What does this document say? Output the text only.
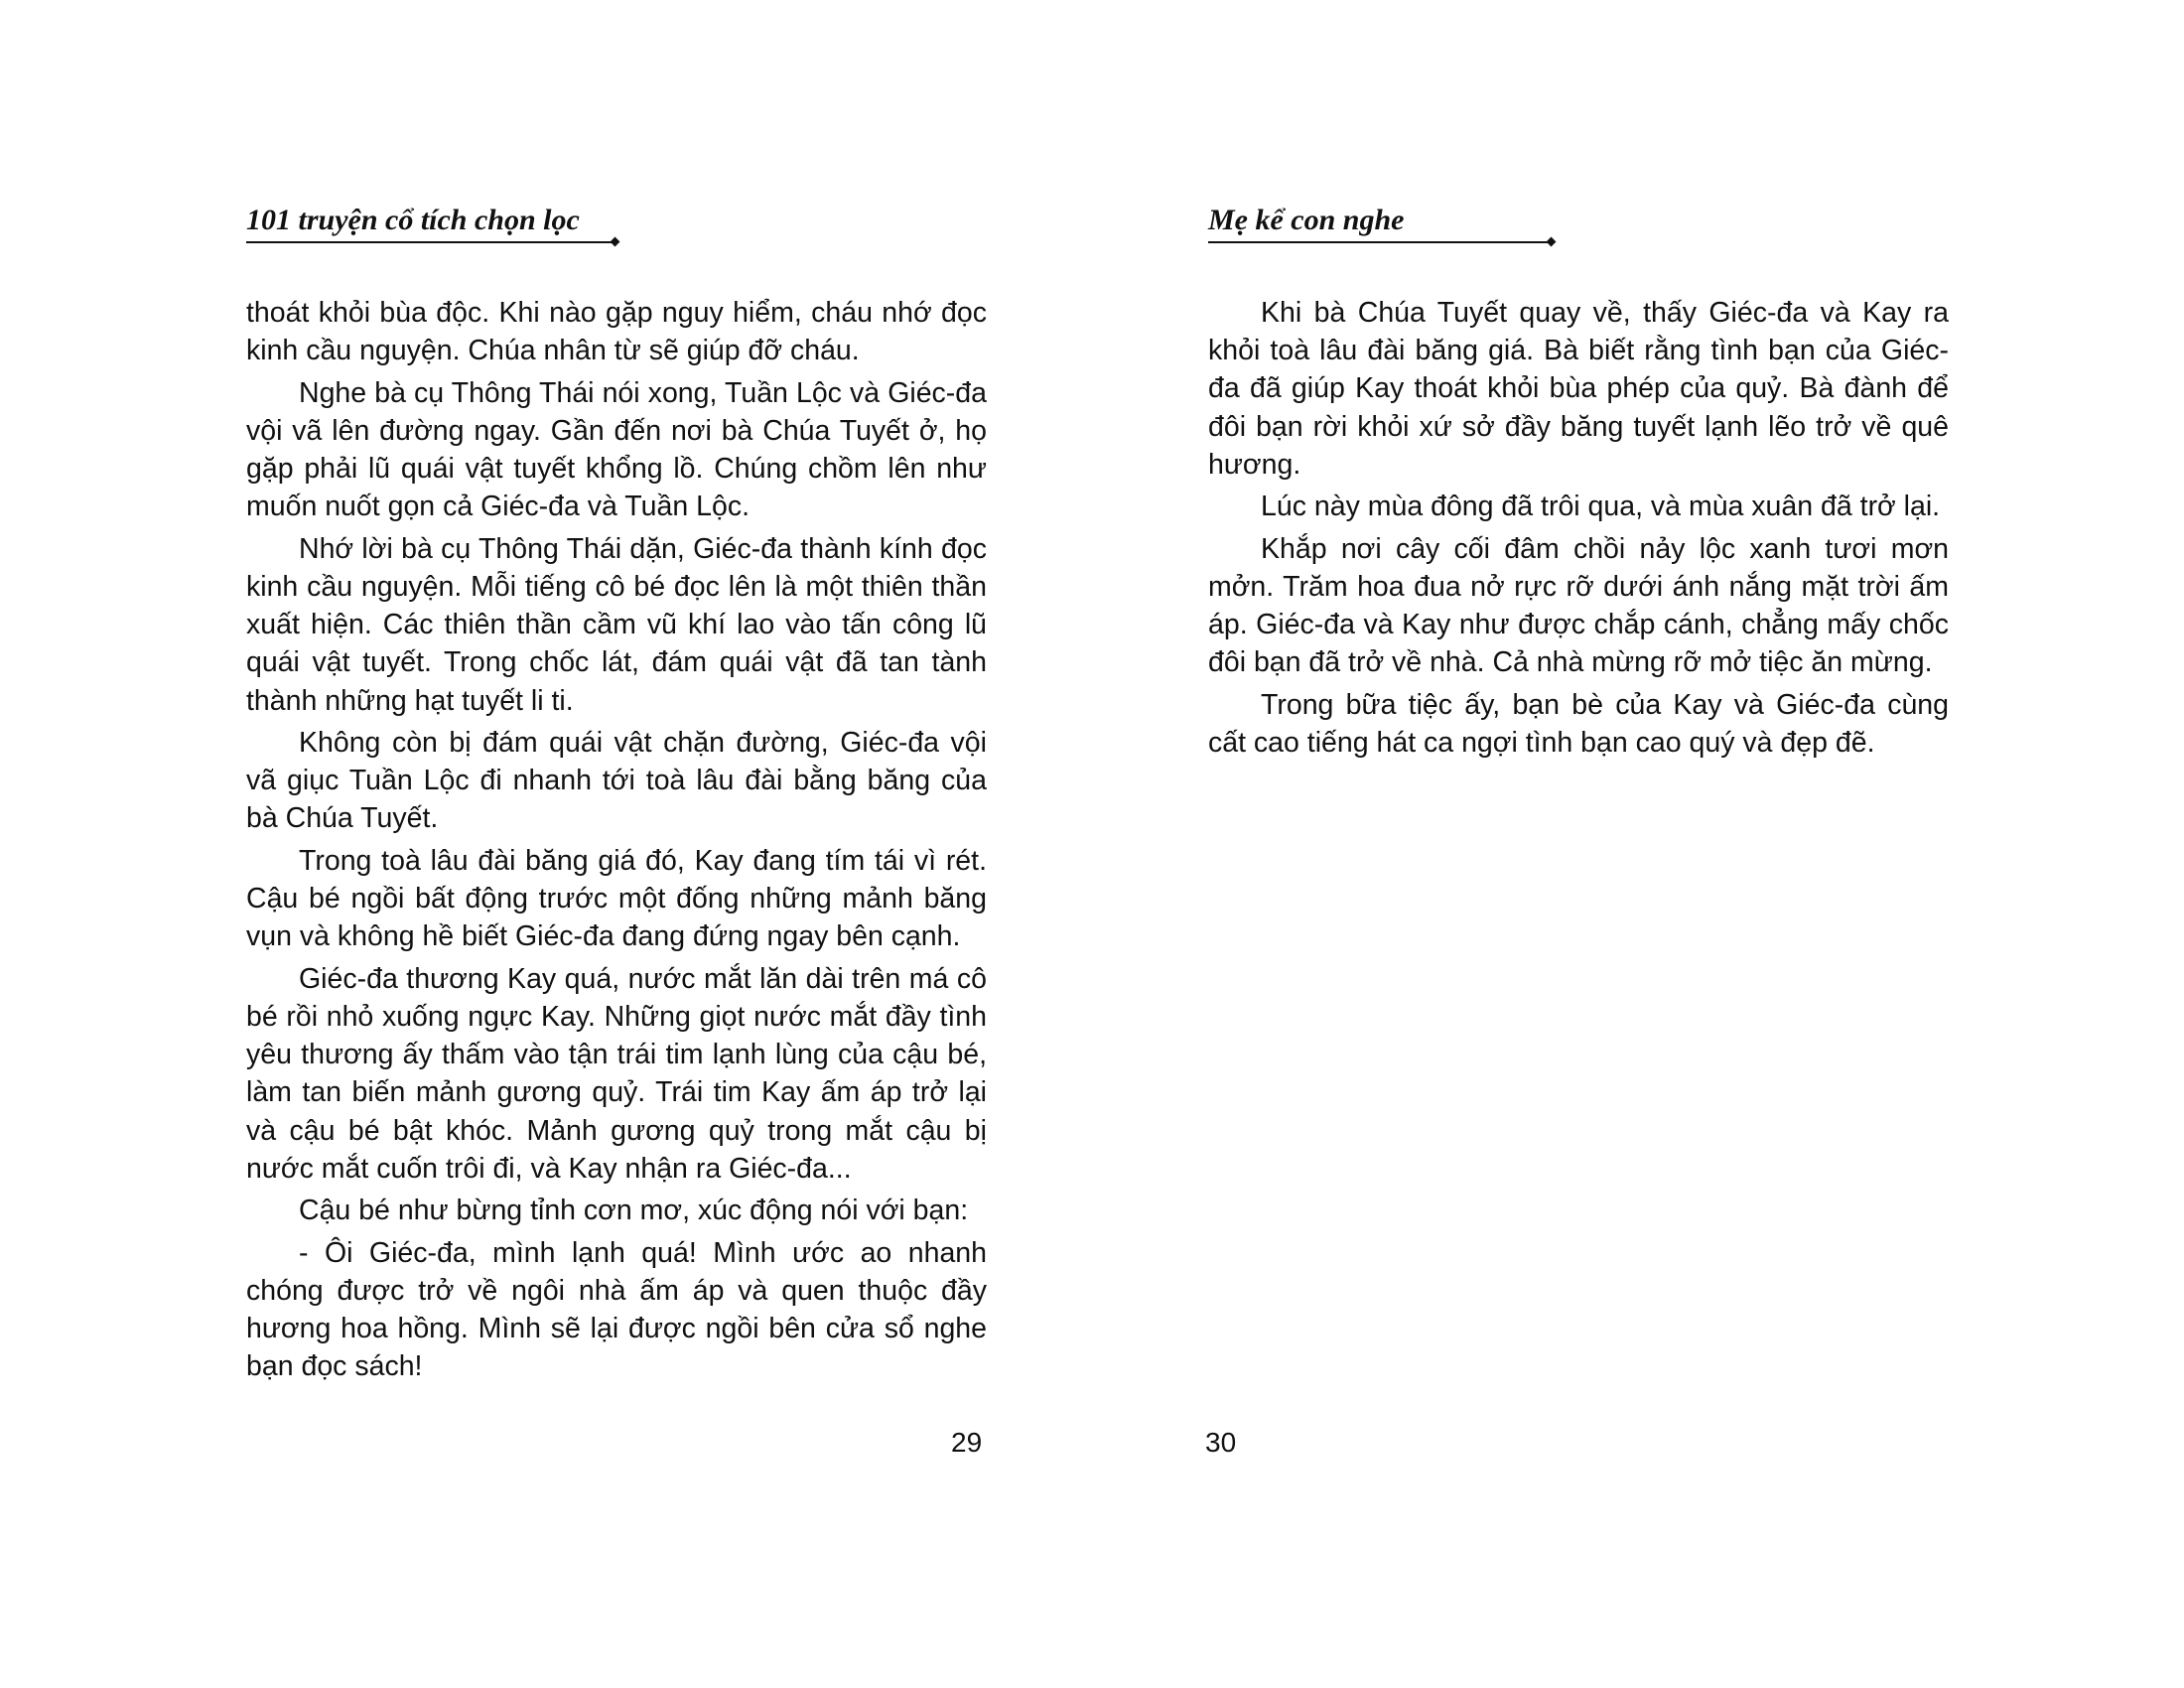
101 truyện cổ tích chọn lọc

thoát khỏi bùa độc. Khi nào gặp nguy hiểm, cháu nhớ đọc kinh cầu nguyện. Chúa nhân từ sẽ giúp đỡ cháu.

Nghe bà cụ Thông Thái nói xong, Tuần Lộc và Giéc-đa vội vã lên đường ngay. Gần đến nơi bà Chúa Tuyết ở, họ gặp phải lũ quái vật tuyết khổng lồ. Chúng chồm lên như muốn nuốt gọn cả Giéc-đa và Tuần Lộc.

Nhớ lời bà cụ Thông Thái dặn, Giéc-đa thành kính đọc kinh cầu nguyện. Mỗi tiếng cô bé đọc lên là một thiên thần xuất hiện. Các thiên thần cầm vũ khí lao vào tấn công lũ quái vật tuyết. Trong chốc lát, đám quái vật đã tan tành thành những hạt tuyết li ti.

Không còn bị đám quái vật chặn đường, Giéc-đa vội vã giục Tuần Lộc đi nhanh tới toà lâu đài bằng băng của bà Chúa Tuyết.

Trong toà lâu đài băng giá đó, Kay đang tím tái vì rét. Cậu bé ngồi bất động trước một đống những mảnh băng vụn và không hề biết Giéc-đa đang đứng ngay bên cạnh.

Giéc-đa thương Kay quá, nước mắt lăn dài trên má cô bé rồi nhỏ xuống ngực Kay. Những giọt nước mắt đầy tình yêu thương ấy thấm vào tận trái tim lạnh lùng của cậu bé, làm tan biến mảnh gương quỷ. Trái tim Kay ấm áp trở lại và cậu bé bật khóc. Mảnh gương quỷ trong mắt cậu bị nước mắt cuốn trôi đi, và Kay nhận ra Giéc-đa...

Cậu bé như bừng tỉnh cơn mơ, xúc động nói với bạn:

- Ôi Giéc-đa, mình lạnh quá! Mình ước ao nhanh chóng được trở về ngôi nhà ấm áp và quen thuộc đầy hương hoa hồng. Mình sẽ lại được ngồi bên cửa sổ nghe bạn đọc sách!

29
Mẹ kể con nghe

Khi bà Chúa Tuyết quay về, thấy Giéc-đa và Kay ra khỏi toà lâu đài băng giá. Bà biết rằng tình bạn của Giéc-đa đã giúp Kay thoát khỏi bùa phép của quỷ. Bà đành để đôi bạn rời khỏi xứ sở đầy băng tuyết lạnh lẽo trở về quê hương.

Lúc này mùa đông đã trôi qua, và mùa xuân đã trở lại.

Khắp nơi cây cối đâm chồi nảy lộc xanh tươi mơn mởn. Trăm hoa đua nở rực rỡ dưới ánh nắng mặt trời ấm áp. Giéc-đa và Kay như được chắp cánh, chẳng mấy chốc đôi bạn đã trở về nhà. Cả nhà mừng rỡ mở tiệc ăn mừng.

Trong bữa tiệc ấy, bạn bè của Kay và Giéc-đa cùng cất cao tiếng hát ca ngợi tình bạn cao quý và đẹp đẽ.

30
